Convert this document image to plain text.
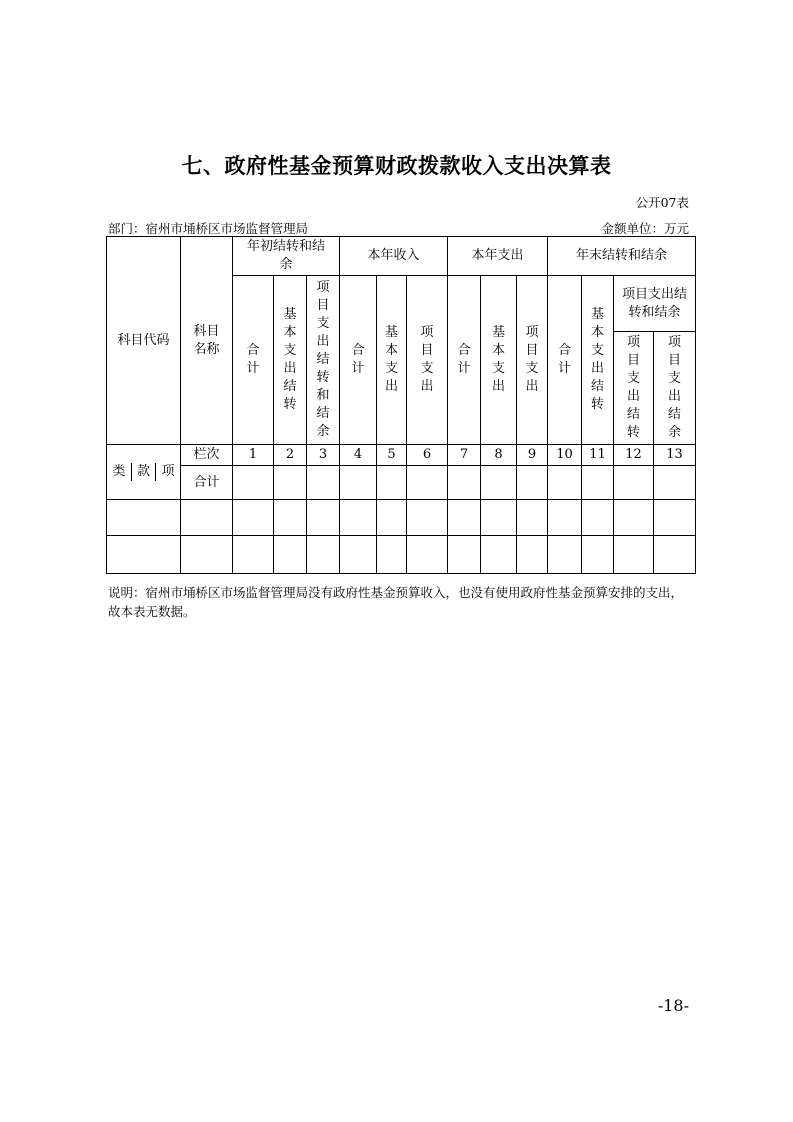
七、政府性基金预算财政拨款收入支出决算表
公开07表
部门：宿州市埇桥区市场监督管理局	金额单位：万元
科目代码	科目名称	年初结转和结余			本年收入			本年支出			年末结转和结余			
		合计	基本支出结转	项目支出结转和结余	合计	基本支出	项目支出	合计	基本支出	项目支出	合计	基本支出结转	项目支出结转和结余	
													项目支出结转	项目支出结余

类 款 项	栏次	1	2	3	4	5	6	7	8	9	10	11	12	13
	合计													

说明：宿州市埇桥区市场监督管理局没有政府性基金预算收入，也没有使用政府性基金预算安排的支出，故本表无数据。
-18-
